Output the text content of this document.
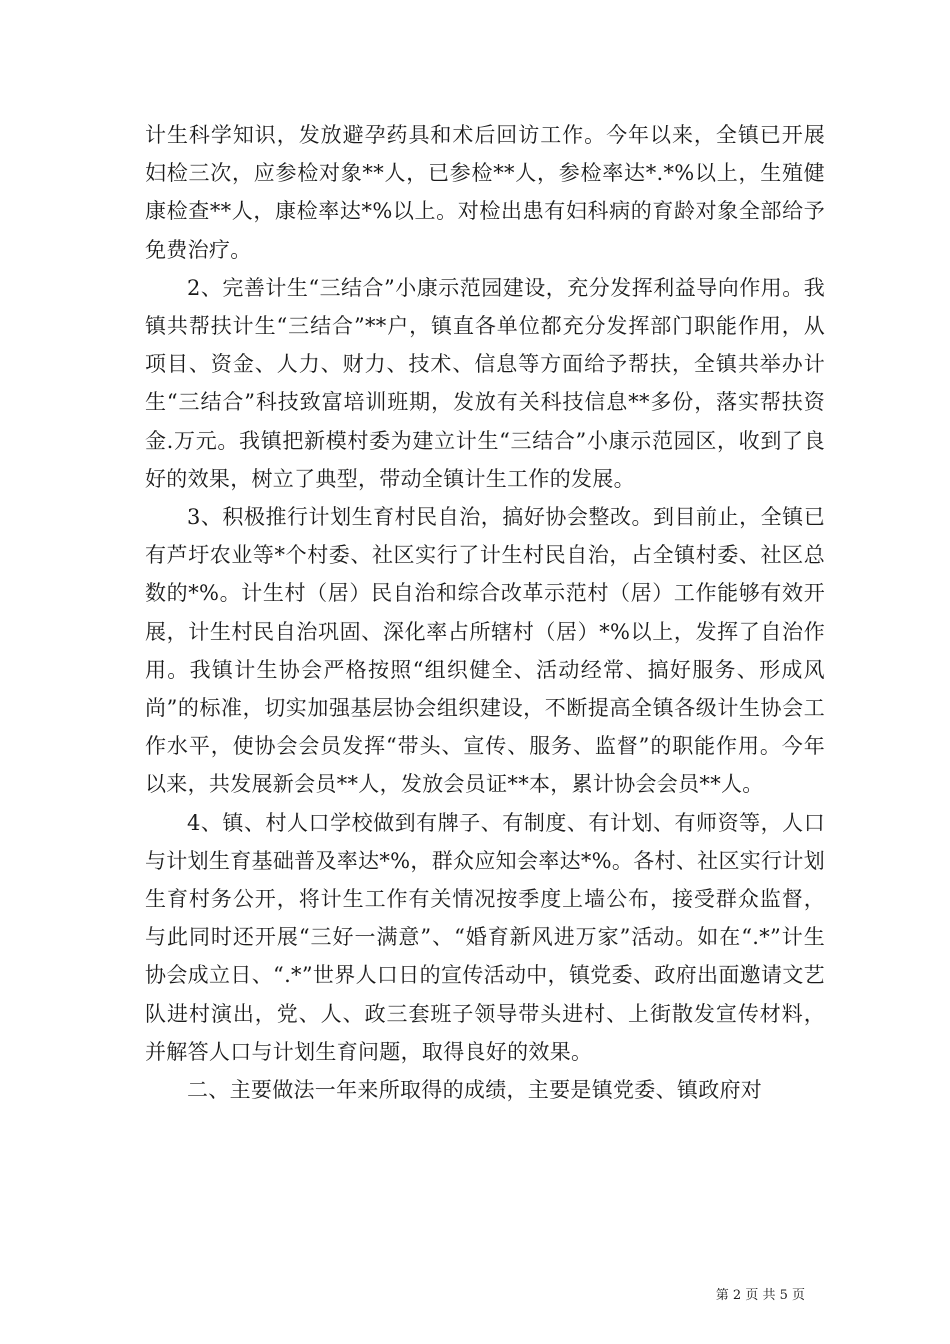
计生科学知识，发放避孕药具和术后回访工作。今年以来，全镇已开展妇检三次，应参检对象**人，已参检**人，参检率达*.*%以上，生殖健康检查**人，康检率达*%以上。对检出患有妇科病的育龄对象全部给予免费治疗。

2、完善计生“三结合”小康示范园建设，充分发挥利益导向作用。我镇共帮扶计生“三结合”**户，镇直各单位都充分发挥部门职能作用，从项目、资金、人力、财力、技术、信息等方面给予帮扶，全镇共举办计生“三结合”科技致富培训班期，发放有关科技信息**多份，落实帮扶资金.万元。我镇把新模村委为建立计生“三结合”小康示范园区，收到了良好的效果，树立了典型，带动全镇计生工作的发展。

3、积极推行计划生育村民自治，搞好协会整改。到目前止，全镇已有芦圩农业等*个村委、社区实行了计生村民自治，占全镇村委、社区总数的*%。计生村（居）民自治和综合改革示范村（居）工作能够有效开展，计生村民自治巩固、深化率占所辖村（居）*%以上，发挥了自治作用。我镇计生协会严格按照“组织健全、活动经常、搞好服务、形成风尚”的标准，切实加强基层协会组织建设，不断提高全镇各级计生协会工作水平，使协会会员发挥“带头、宣传、服务、监督”的职能作用。今年以来，共发展新会员**人，发放会员证**本，累计协会会员**人。

4、镇、村人口学校做到有牌子、有制度、有计划、有师资等，人口与计划生育基础普及率达*%，群众应知会率达*%。各村、社区实行计划生育村务公开，将计生工作有关情况按季度上墙公布，接受群众监督，与此同时还开展“三好一满意”、“婚育新风进万家”活动。如在“.*”计生协会成立日、“.*”世界人口日的宣传活动中，镇党委、政府出面邀请文艺队进村演出，党、人、政三套班子领导带头进村、上街散发宣传材料，并解答人口与计划生育问题，取得良好的效果。

二、主要做法一年来所取得的成绩，主要是镇党委、镇政府对

第 2 页 共 5 页
